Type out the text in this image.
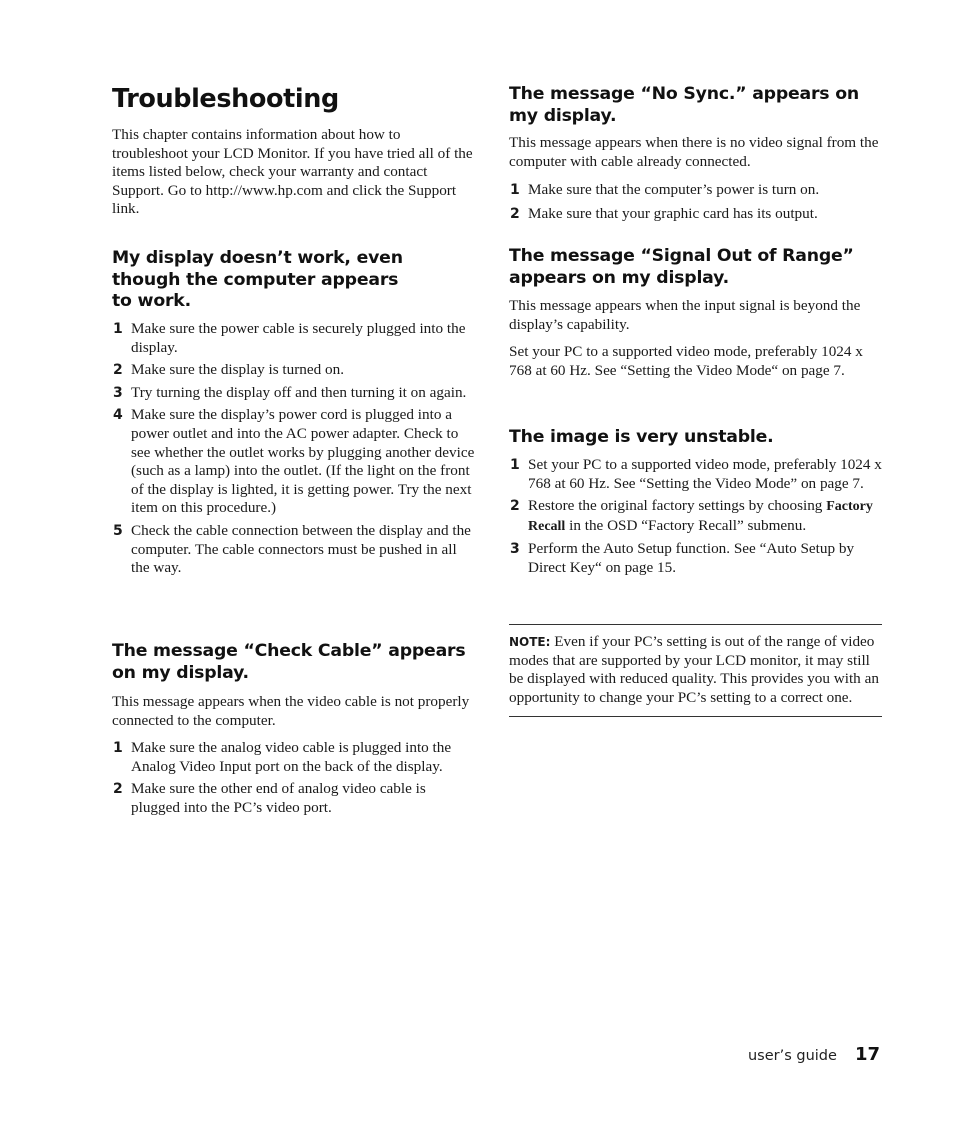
Troubleshooting

This chapter contains information about how to troubleshoot your LCD Monitor. If you have tried all of the items listed below, check your warranty and contact Support. Go to http://www.hp.com and click the Support link.

My display doesn’t work, even
though the computer appears
to work.
1 Make sure the power cable is securely plugged into the display.
2 Make sure the display is turned on.
3 Try turning the display off and then turning it on again.
4 Make sure the display’s power cord is plugged into a power outlet and into the AC power adapter. Check to see whether the outlet works by plugging another device (such as a lamp) into the outlet. (If the light on the front of the display is lighted, it is getting power. Try the next item on this procedure.)
5 Check the cable connection between the display and the computer. The cable connectors must be pushed in all the way.
The message “Check Cable” appears on my display.

This message appears when the video cable is not properly connected to the computer.

1 Make sure the analog video cable is plugged into the Analog Video Input port on the back of the display.
2 Make sure the other end of analog video cable is plugged into the PC’s video port.
The message “No Sync.” appears on my display.

This message appears when there is no video signal from the computer with cable already connected.

1 Make sure that the computer’s power is turn on.
2 Make sure that your graphic card has its output.
The message “Signal Out of Range” appears on my display.

This message appears when the input signal is beyond the display’s capability.

Set your PC to a supported video mode, preferably 1024 x 768 at 60 Hz. See “Setting the Video Mode“ on page 7.

The image is very unstable.
1 Set your PC to a supported video mode, preferably 1024 x 768 at 60 Hz. See “Setting the Video Mode” on page 7.
2 Restore the original factory settings by choosing Factory Recall in the OSD “Factory Recall” submenu.
3 Perform the Auto Setup function. See “Auto Setup by Direct Key“ on page 15.

NOTE: Even if your PC’s setting is out of the range of video modes that are supported by your LCD monitor, it may still be displayed with reduced quality. This provides you with an opportunity to change your PC’s setting to a correct one.

user’s guide 17
